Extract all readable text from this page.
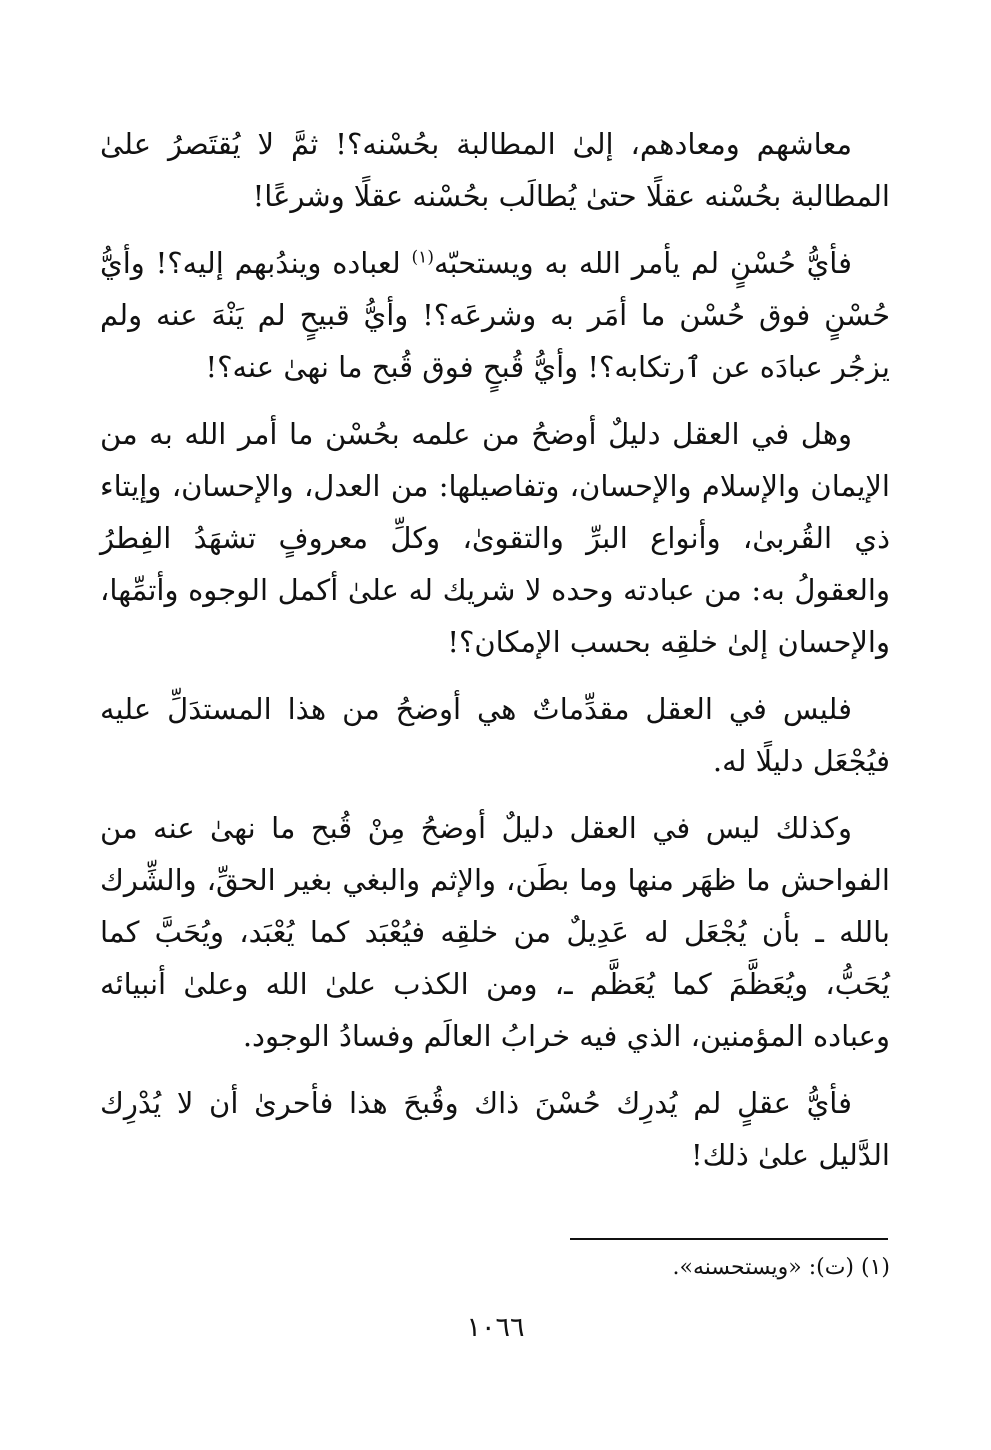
معاشهم ومعادهم، إلىٰ المطالبة بحُسْنه؟! ثمَّ لا يُقتَصرُ علىٰ المطالبة بحُسْنه عقلًا حتىٰ يُطالَب بحُسْنه عقلًا وشرعًا!

فأيُّ حُسْنٍ لم يأمر الله به ويستحبّه$^{(١)}$ لعباده ويندُبهم إليه؟! وأيُّ حُسْنٍ فوق حُسْن ما أمَر به وشرعَه؟! وأيُّ قبيحٍ لم يَنْهَ عنه ولم يزجُر عبادَه عن ٱرتكابه؟! وأيُّ قُبحٍ فوق قُبح ما نهىٰ عنه؟!

وهل في العقل دليلٌ أوضحُ من علمه بحُسْن ما أمر الله به من الإيمان والإسلام والإحسان، وتفاصيلها: من العدل، والإحسان، وإيتاء ذي القُربىٰ، وأنواع البرِّ والتقوىٰ، وكلِّ معروفٍ تشهَدُ الفِطرُ والعقولُ به: من عبادته وحده لا شريك له علىٰ أكمل الوجوه وأتمِّها، والإحسان إلىٰ خلقِه بحسب الإمكان؟!

فليس في العقل مقدِّماتٌ هي أوضحُ من هذا المستدَلِّ عليه فيُجْعَل دليلًا له.

وكذلك ليس في العقل دليلٌ أوضحُ مِنْ قُبح ما نهىٰ عنه من الفواحش ما ظهَر منها وما بطَن، والإثم والبغي بغير الحقِّ، والشِّرك بالله ـ بأن يُجْعَل له عَدِيلٌ من خلقِه فيُعْبَد كما يُعْبَد، ويُحَبَّ كما يُحَبُّ، ويُعَظَّمَ كما يُعَظَّم ـ، ومن الكذب علىٰ الله وعلىٰ أنبيائه وعباده المؤمنين، الذي فيه خرابُ العالَم وفسادُ الوجود.

فأيُّ عقلٍ لم يُدرِك حُسْنَ ذاك وقُبحَ هذا فأحرىٰ أن لا يُدْرِك الدَّليل علىٰ ذلك!

(١) (ت): «ويستحسنه».
١٠٦٦
